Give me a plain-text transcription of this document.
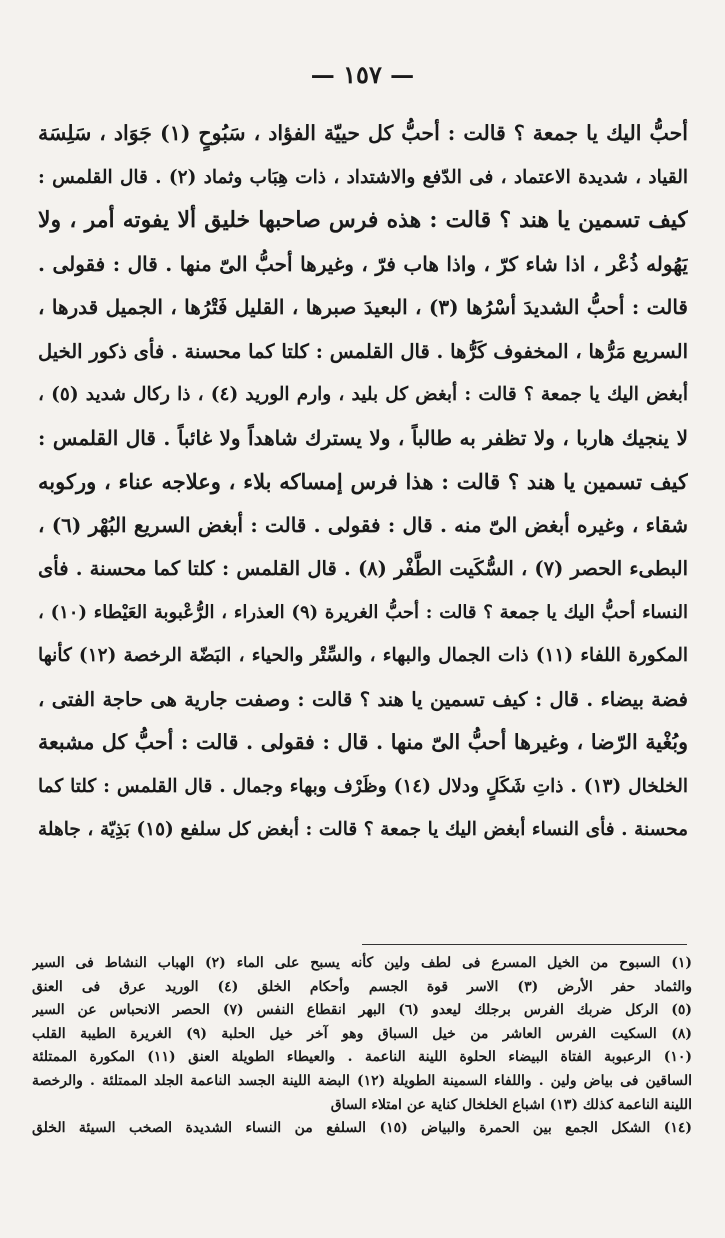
— ١٥٧ —
أحبُّ اليك يا جمعة ؟ قالت : أحبُّ كل حييّة الفؤاد ، سَبُوحٍ (١) جَوَاد ، سَلِسَة
القياد ، شديدة الاعتماد ، فى الدّفع والاشتداد ، ذات هِبَاب وثماد (٢) . قال القلمس :
كيف تسمين يا هند ؟ قالت : هذه فرس صاحبها خليق ألا يفوته أمر ، ولا
يَهُوله ذُعْر ، اذا شاء كرّ ، واذا هاب فرّ ، وغيرها أحبُّ الىّ منها . قال : فقولى .
قالت : أحبُّ الشديدَ أسْرُها (٣) ، البعيدَ صبرها ، القليل فَتْرُها ، الجميل قدرها ،
السريع مَرُّها ، المخفوف كَرُّها . قال القلمس : كلتا كما محسنة . فأى ذكور الخيل
أبغض اليك يا جمعة ؟ قالت : أبغض كل بليد ، وارم الوريد (٤) ، ذا ركال شديد (٥) ،
لا ينجيك هاربا ، ولا تظفر به طالباً ، ولا يسترك شاهداً ولا غائباً . قال القلمس :
كيف تسمين يا هند ؟ قالت : هذا فرس إمساكه بلاء ، وعلاجه عناء ، وركوبه
شقاء ، وغيره أبغض الىّ منه . قال : فقولى . قالت : أبغض السريع البُهْر (٦) ،
البطىء الحصر (٧) ، السُّكَيت الطَّفْر (٨) . قال القلمس : كلتا كما محسنة . فأى
النساء أحبُّ اليك يا جمعة ؟ قالت : أحبُّ الغريرة (٩) العذراء ، الرُّعْبوبة العَيْطاء (١٠) ،
المكورة اللفاء (١١) ذات الجمال والبهاء ، والسِّتْر والحياء ، البَضّة الرخصة (١٢) كأنها
فضة بيضاء . قال : كيف تسمين يا هند ؟ قالت : وصفت جارية هى حاجة الفتى ،
وبُغْية الرّضا ، وغيرها أحبُّ الىّ منها . قال : فقولى . قالت : أحبُّ كل مشبعة
الخلخال (١٣) . ذاتِ شَكَلٍ ودلال (١٤) وظَرْف وبهاء وجمال . قال القلمس : كلتا كما
محسنة . فأى النساء أبغض اليك يا جمعة ؟ قالت : أبغض كل سلفع (١٥) بَذِيّة ، جاهلة
(١) السبوح من الخيل المسرع فى لطف ولين كأنه يسبح على الماء (٢) الهباب النشاط فى السير
والثماد حفر الأرض (٣) الاسر قوة الجسم وأحكام الخلق (٤) الوريد عرق فى العنق
(٥) الركل ضربك الفرس برجلك ليعدو (٦) البهر انقطاع النفس (٧) الحصر الانحباس عن السير
(٨) السكيت الفرس العاشر من خيل السباق وهو آخر خيل الحلبة (٩) الغريرة الطيبة القلب
(١٠) الرعبوبة الفتاة البيضاء الحلوة اللينة الناعمة . والعيطاء الطويلة العنق (١١) المكورة الممتلئة
الساقين فى بياض ولين . واللفاء السمينة الطويلة (١٢) البضة اللينة الجسد الناعمة الجلد الممتلئة . والرخصة
اللينة الناعمة كذلك (١٣) اشباع الخلخال كناية عن امتلاء الساق
(١٤) الشكل الجمع بين الحمرة والبياض (١٥) السلفع من النساء الشديدة الصخب السيئة الخلق
